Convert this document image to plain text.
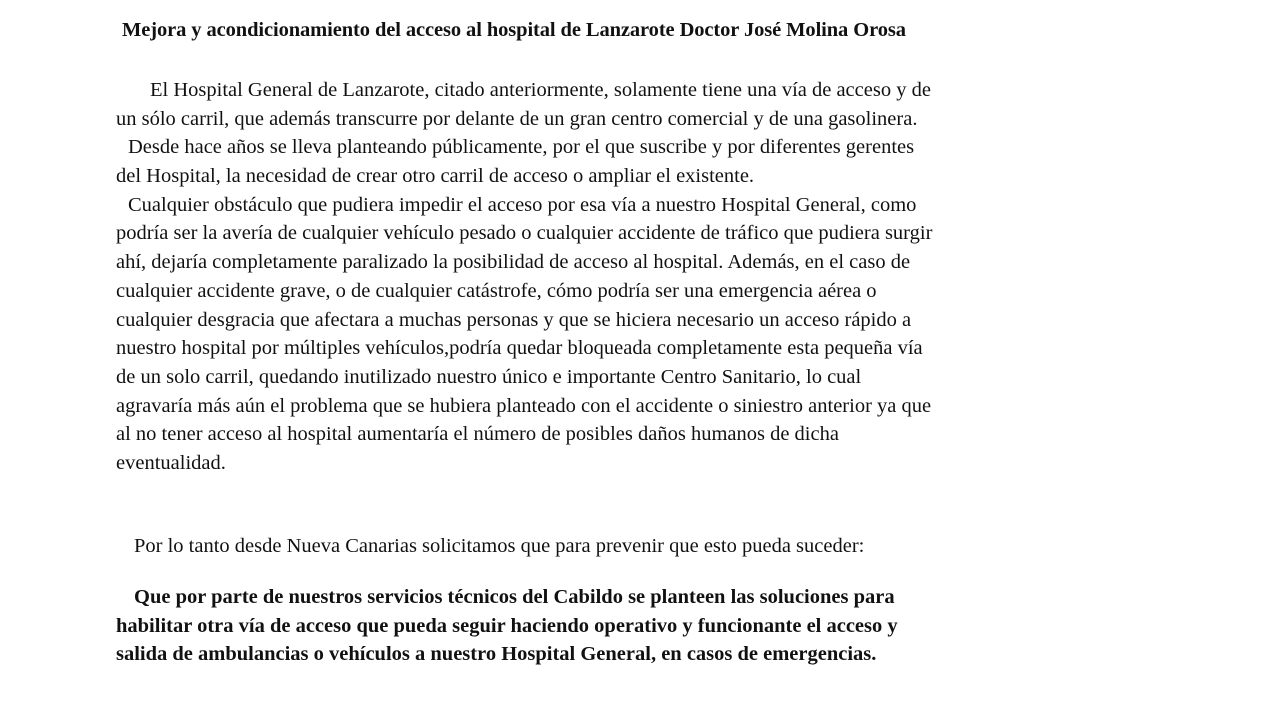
Mejora y acondicionamiento del acceso al hospital de Lanzarote Doctor José Molina Orosa
El Hospital General de Lanzarote, citado anteriormente, solamente tiene una vía de acceso y de
un sólo carril, que además transcurre por delante de un gran centro comercial y de una gasolinera.
Desde hace años se lleva planteando públicamente, por el que suscribe y por diferentes gerentes
del Hospital, la necesidad de crear otro carril de acceso o ampliar el existente.
Cualquier obstáculo que pudiera impedir el acceso por esa vía a nuestro Hospital General, como
podría ser la avería de cualquier vehículo pesado o cualquier accidente de tráfico que pudiera surgir
ahí, dejaría completamente paralizado la posibilidad de acceso al hospital. Además, en el caso de
cualquier accidente grave, o de cualquier catástrofe, cómo podría ser una emergencia aérea o
cualquier desgracia que afectara a muchas personas y que se hiciera necesario un acceso rápido a
nuestro hospital por múltiples vehículos,podría quedar bloqueada completamente esta pequeña vía
de un solo carril, quedando inutilizado nuestro único e importante Centro Sanitario, lo cual
agravaría más aún el problema que se hubiera planteado con el accidente o siniestro anterior ya que
al no tener acceso al hospital aumentaría el número de posibles daños humanos de dicha
eventualidad.
Por lo tanto desde Nueva Canarias solicitamos que para prevenir que esto pueda suceder:
Que por parte de nuestros servicios técnicos del Cabildo se planteen las soluciones para
habilitar otra vía de acceso que pueda seguir haciendo operativo y funcionante el acceso y
salida de ambulancias o vehículos a nuestro Hospital General, en casos de emergencias.
